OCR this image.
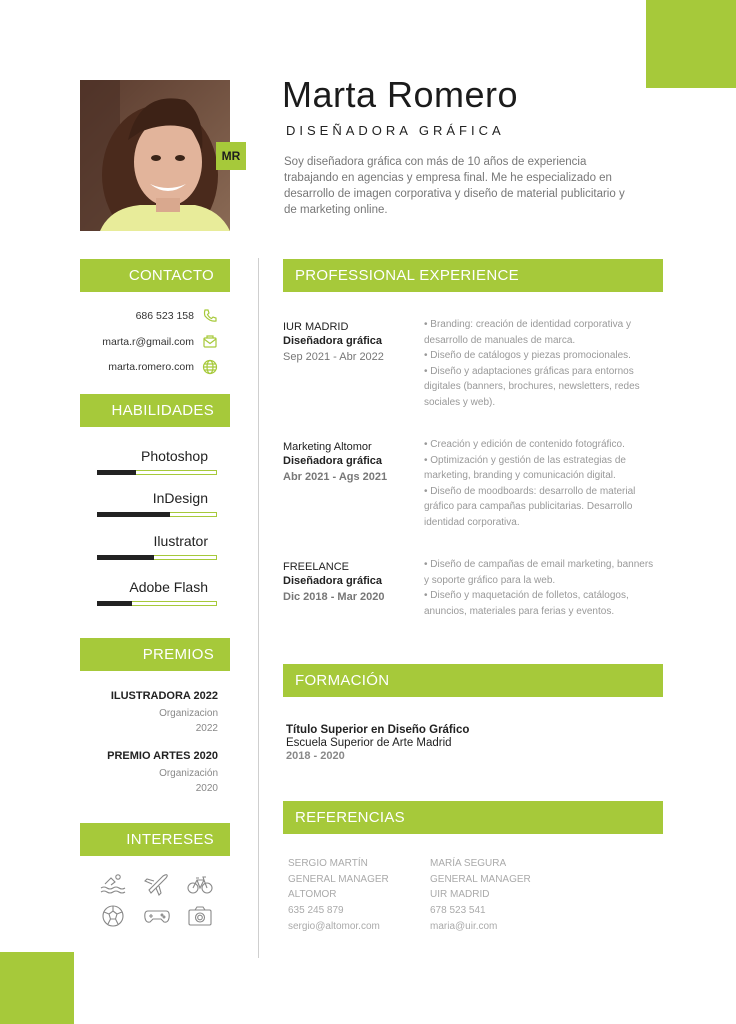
MR
Marta Romero
DISEÑADORA GRÁFICA
Soy diseñadora gráfica con más de 10 años de experiencia trabajando en agencias y empresa final. Me he especializado en desarrollo de imagen corporativa y diseño de material publicitario y de marketing online.
CONTACTO
686 523 158
marta.r@gmail.com
marta.romero.com
HABILIDADES
Photoshop
InDesign
Ilustrator
Adobe Flash
PREMIOS
ILUSTRADORA 2022
Organizacion
2022
PREMIO ARTES 2020
Organización
2020
INTERESES
PROFESSIONAL EXPERIENCE
IUR MADRID
Diseñadora gráfica
Sep 2021 - Abr 2022

• Branding: creación de identidad corporativa y desarrollo de manuales de marca.

• Diseño de catálogos y piezas promocionales.

• Diseño y adaptaciones gráficas para entornos digitales (banners, brochures, newsletters, redes sociales y web).

Marketing Altomor
Diseñadora gráfica
Abr 2021 - Ags 2021

• Creación y edición de contenido fotográfico.

• Optimización y gestión de las estrategias de marketing, branding y comunicación digital.

• Diseño de moodboards: desarrollo de material gráfico para campañas publicitarias. Desarrollo identidad corporativa.

FREELANCE
Diseñadora gráfica
Dic 2018 - Mar 2020

• Diseño de campañas de email marketing, banners y soporte gráfico para la web.

• Diseño y maquetación de folletos, catálogos, anuncios, materiales para ferias y eventos.

FORMACIÓN
Título Superior en Diseño Gráfico
Escuela Superior de Arte Madrid
2018 - 2020
REFERENCIAS
SERGIO MARTÍN
GENERAL MANAGER
ALTOMOR
635 245 879
sergio@altomor.com
MARÍA SEGURA
GENERAL MANAGER
UIR MADRID
678 523 541
maria@uir.com
